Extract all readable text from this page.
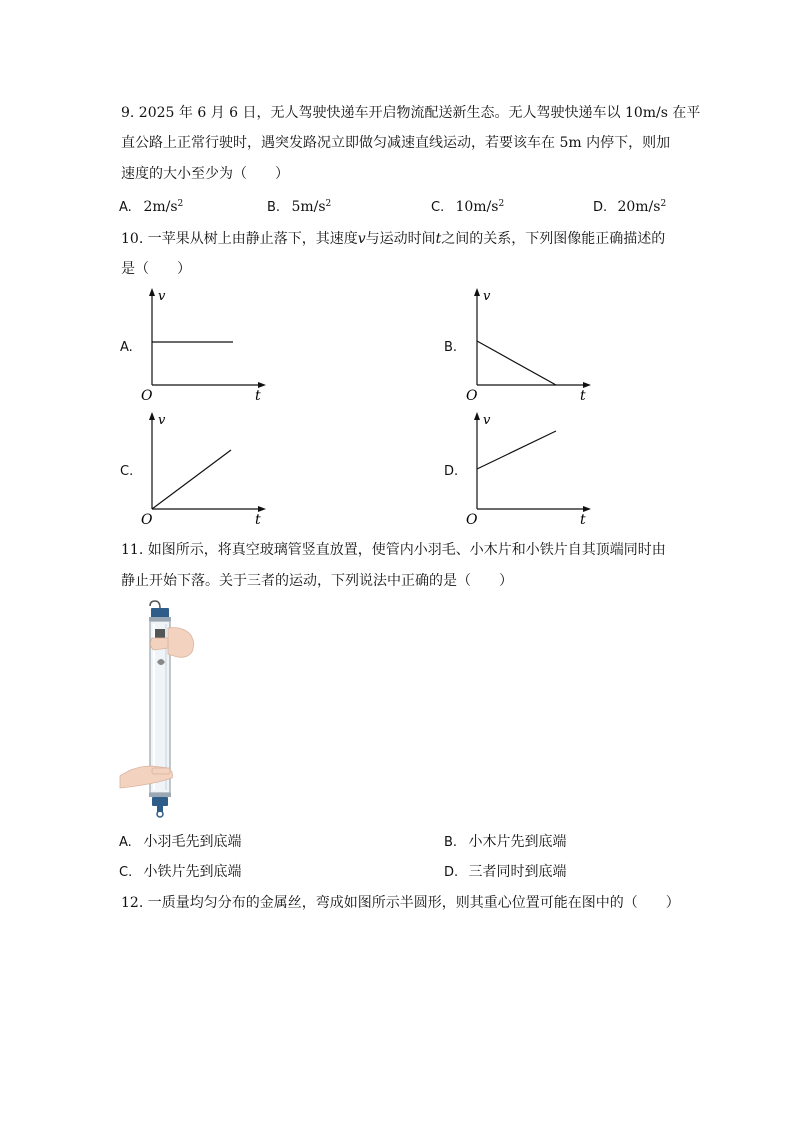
9. 2025 年 6 月 6 日，无人驾驶快递车开启物流配送新生态。无人驾驶快递车以 10m/s 在平
直公路上正常行驶时，遇突发路况立即做匀减速直线运动，若要该车在 5m 内停下，则加
速度的大小至少为（　　）
A. $2m/s^2$	B. $5m/s^2$	C. $10m/s^2$	D. $20m/s^2$
10. 一苹果从树上由静止落下，其速度v与运动时间t之间的关系，下列图像能正确描述的
是（　　）
A.
v
t
O
B.
v
t
O
C.
v
t
O
D.
v
t
O
11. 如图所示，将真空玻璃管竖直放置，使管内小羽毛、小木片和小铁片自其顶端同时由
静止开始下落。关于三者的运动，下列说法中正确的是（　　）
A. 小羽毛先到底端	B. 小木片先到底端
C. 小铁片先到底端	D. 三者同时到底端
12. 一质量均匀分布的金属丝，弯成如图所示半圆形，则其重心位置可能在图中的（　　）
